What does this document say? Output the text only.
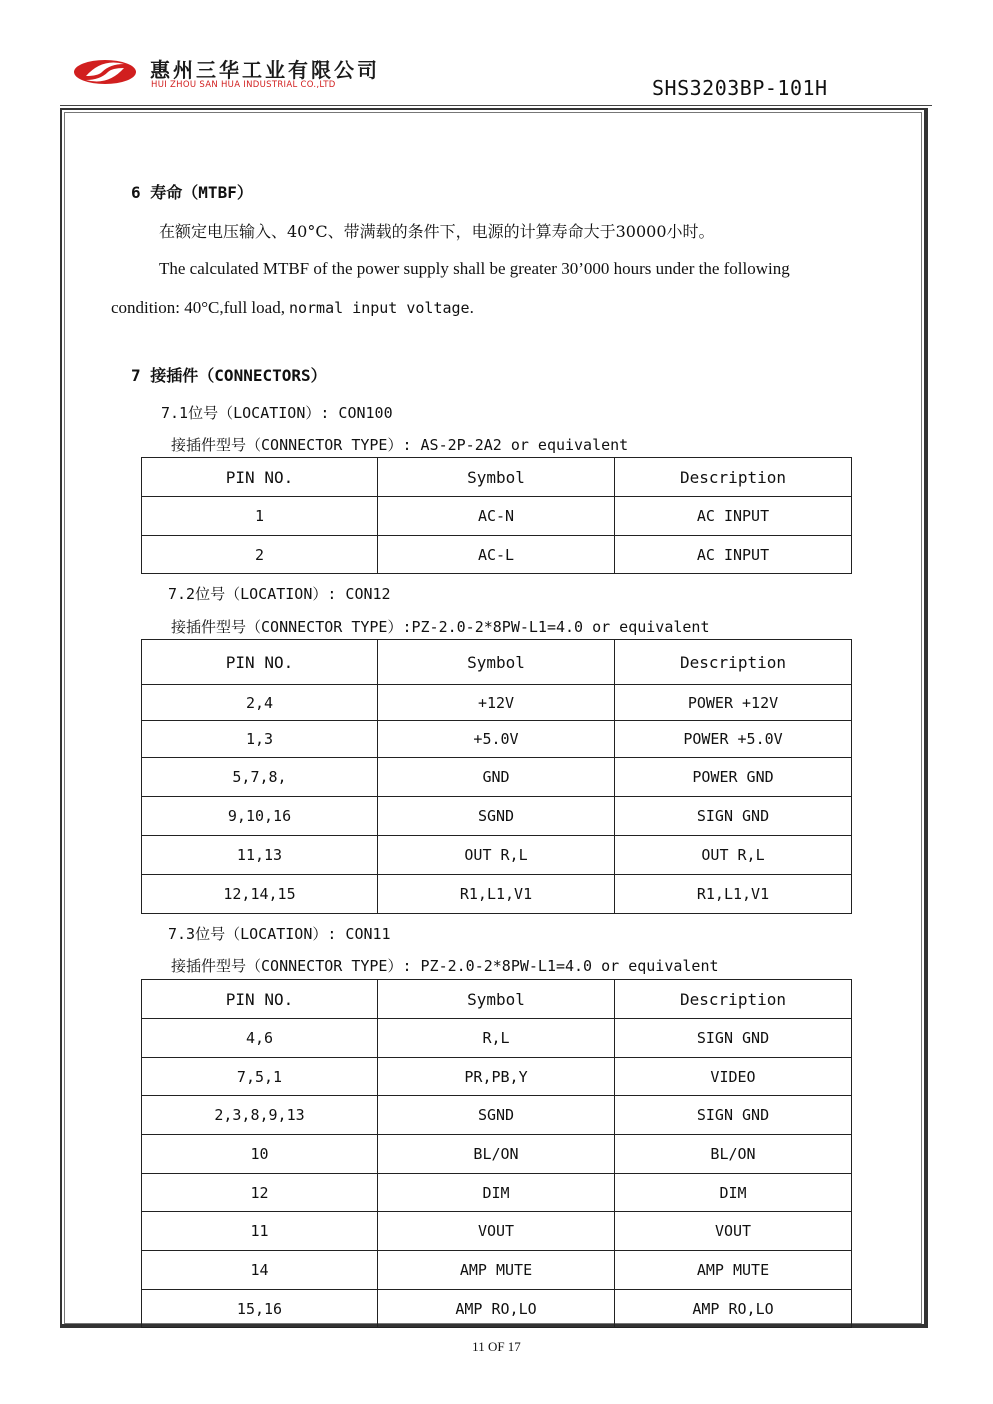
惠州三华工业有限公司
HUI ZHOU SAN HUA INDUSTRIAL CO.,LTD	SHS3203BP-101H
6 寿命（MTBF）
在额定电压输入、40°C、带满载的条件下，电源的计算寿命大于30000小时。
The calculated MTBF of the power supply shall be greater 30’000 hours under the following
condition: 40°C,full load, normal input voltage.
7 接插件（CONNECTORS）
7.1位号（LOCATION）: CON100
接插件型号（CONNECTOR TYPE）: AS-2P-2A2 or equivalent
PIN NO.	Symbol	Description
1	AC-N	AC INPUT
2	AC-L	AC INPUT
7.2位号（LOCATION）: CON12
接插件型号（CONNECTOR TYPE）:PZ-2.0-2*8PW-L1=4.0 or equivalent
PIN NO.	Symbol	Description
2,4	+12V	POWER +12V
1,3	+5.0V	POWER +5.0V
5,7,8,	GND	POWER GND
9,10,16	SGND	SIGN GND
11,13	OUT R,L	OUT R,L
12,14,15	R1,L1,V1	R1,L1,V1
7.3位号（LOCATION）: CON11
接插件型号（CONNECTOR TYPE）: PZ-2.0-2*8PW-L1=4.0 or equivalent
PIN NO.	Symbol	Description
4,6	R,L	SIGN GND
7,5,1	PR,PB,Y	VIDEO
2,3,8,9,13	SGND	SIGN GND
10	BL/ON	BL/ON
12	DIM	DIM
11	VOUT	VOUT
14	AMP MUTE	AMP MUTE
15,16	AMP RO,LO	AMP RO,LO
11 OF 17
